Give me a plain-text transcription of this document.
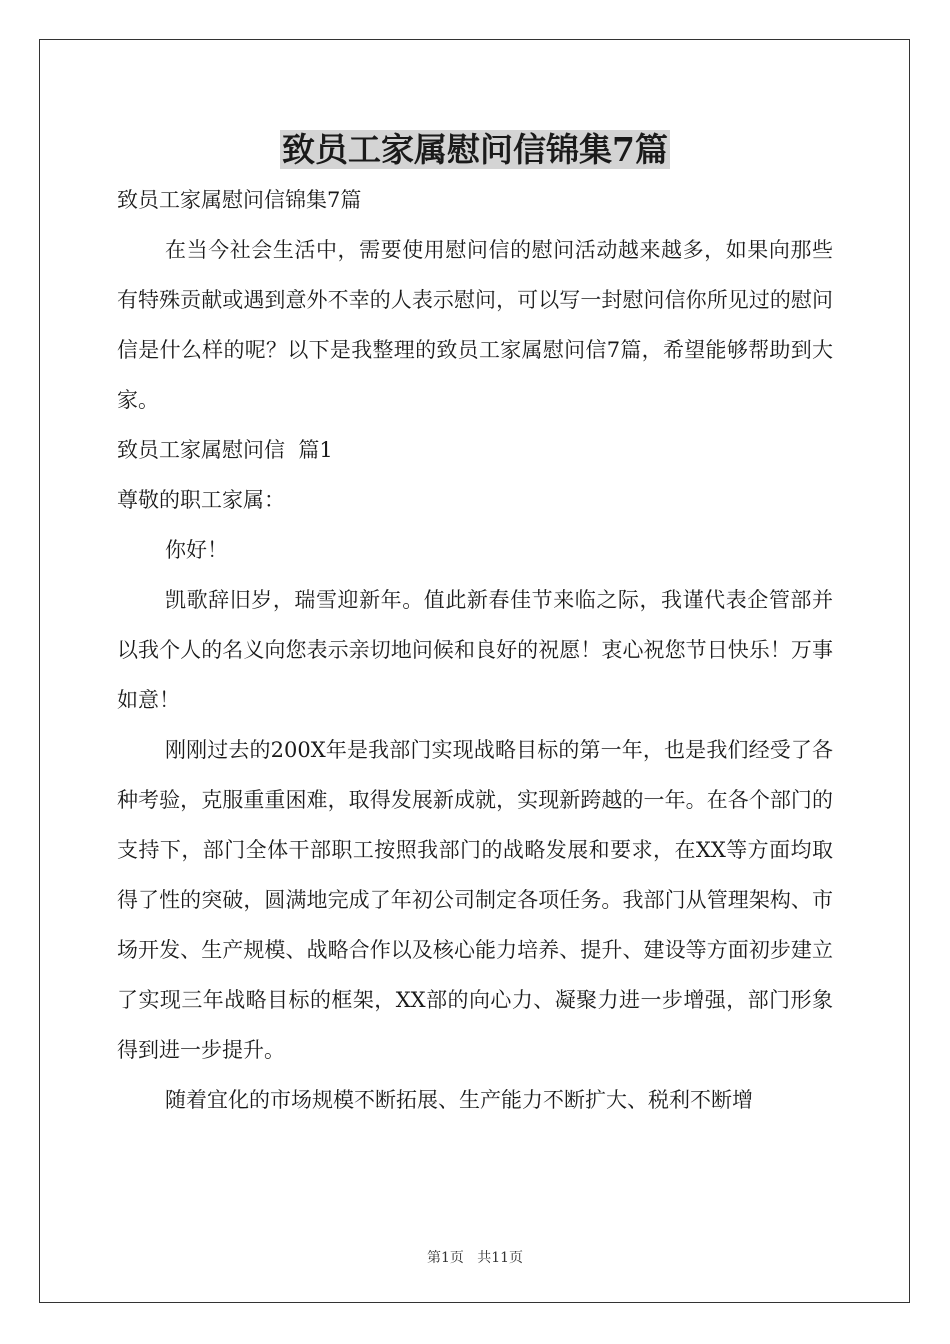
致员工家属慰问信锦集7篇

致员工家属慰问信锦集7篇

在当今社会生活中，需要使用慰问信的慰问活动越来越多，如果向那些有特殊贡献或遇到意外不幸的人表示慰问，可以写一封慰问信你所见过的慰问信是什么样的呢？以下是我整理的致员工家属慰问信7篇，希望能够帮助到大家。

致员工家属慰问信  篇1

尊敬的职工家属：

你好！

凯歌辞旧岁，瑞雪迎新年。值此新春佳节来临之际，我谨代表企管部并以我个人的名义向您表示亲切地问候和良好的祝愿！衷心祝您节日快乐！万事如意！

刚刚过去的200X年是我部门实现战略目标的第一年，也是我们经受了各种考验，克服重重困难，取得发展新成就，实现新跨越的一年。在各个部门的支持下，部门全体干部职工按照我部门的战略发展和要求，在XX等方面均取得了性的突破，圆满地完成了年初公司制定各项任务。我部门从管理架构、市场开发、生产规模、战略合作以及核心能力培养、提升、建设等方面初步建立了实现三年战略目标的框架，XX部的向心力、凝聚力进一步增强，部门形象得到进一步提升。

随着宜化的市场规模不断拓展、生产能力不断扩大、税利不断增

第1页   共11页
